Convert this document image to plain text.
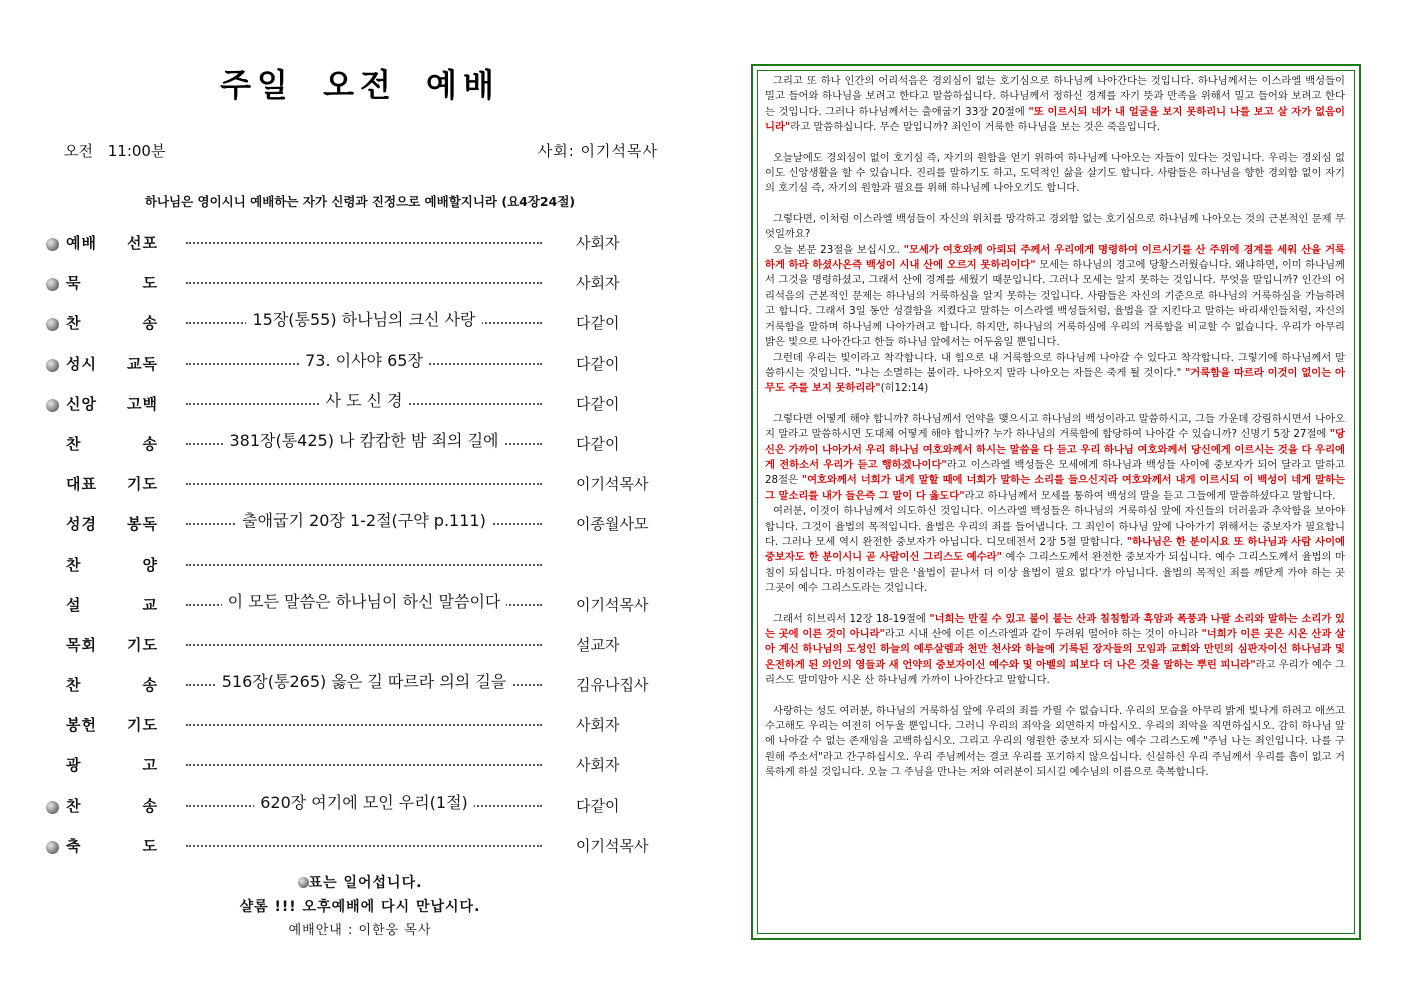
주일 오전 예배
오전 11:00분	사회: 이기석목사
하나님은 영이시니 예배하는 자가 신령과 진정으로 예배할지니라 (요4장24절)
예배 선포	사회자
묵 도	사회자
찬 송	15장(통55) 하나님의 크신 사랑	다같이
성시 교독	73. 이사야 65장	다같이
신앙 고백	사 도 신 경	다같이
찬 송	381장(통425) 나 캄캄한 밤 죄의 길에	다같이
대표 기도	이기석목사
성경 봉독	출애굽기 20장 1-2절(구약 p.111)	이종월사모
찬 양
설 교	이 모든 말씀은 하나님이 하신 말씀이다	이기석목사
목회 기도	설교자
찬 송	516장(통265) 옳은 길 따르라 의의 길을	김유나집사
봉헌 기도	사회자
광 고	사회자
찬 송	620장 여기에 모인 우리(1절)	다같이
축 도	이기석목사
표는 일어섭니다.
샬롬 !!! 오후예배에 다시 만납시다.
예배안내 : 이한웅 목사

그리고 또 하나 인간의 어리석음은 경외심이 없는 호기심으로 하나님께 나아간다는 것입니다. 하나님께서는 이스라엘 백성들이 밀고 들어와 하나님을 보려고 한다고 말씀하십니다. 하나님께서 정하신 경계를 자기 뜻과 만족을 위해서 밀고 들어와 보려고 한다는 것입니다. 그러나 하나님께서는 출애굽기 33장 20절에 "또 이르시되 네가 내 얼굴을 보지 못하리니 나를 보고 살 자가 없음이니라"라고 말씀하십니다. 무슨 말입니까? 죄인이 거룩한 하나님을 보는 것은 죽음입니다.

오늘날에도 경외심이 없이 호기심 즉, 자기의 원함을 얻기 위하여 하나님께 나아오는 자들이 있다는 것입니다. 우리는 경외심 없이도 신앙생활을 할 수 있습니다. 진리를 말하기도 하고, 도덕적인 삶을 살기도 합니다. 사람들은 하나님을 향한 경외함 없이 자기의 호기심 즉, 자기의 원함과 필요를 위해 하나님께 나아오기도 합니다.

그렇다면, 이처럼 이스라엘 백성들이 자신의 위치를 망각하고 경외함 없는 호기심으로 하나님께 나아오는 것의 근본적인 문제 무엇일까요?

오늘 본문 23절을 보십시오. "모세가 여호와께 아뢰되 주께서 우리에게 명령하여 이르시기를 산 주위에 경계를 세워 산을 거룩하게 하라 하셨사온즉 백성이 시내 산에 오르지 못하리이다" 모세는 하나님의 경고에 당황스러웠습니다. 왜냐하면, 이미 하나님께서 그것을 명령하셨고, 그래서 산에 경계를 세웠기 때문입니다. 그러나 모세는 알지 못하는 것입니다. 무엇을 말입니까? 인간의 어리석음의 근본적인 문제는 하나님의 거룩하심을 알지 못하는 것입니다. 사람들은 자신의 기준으로 하나님의 거룩하심을 가늠하려고 합니다. 그래서 3일 동안 성결함을 지켰다고 말하는 이스라엘 백성들처럼, 율법을 잘 지킨다고 말하는 바리새인들처럼, 자신의 거룩함을 말하며 하나님께 나아가려고 합니다. 하지만, 하나님의 거룩하심에 우리의 거룩함을 비교할 수 없습니다. 우리가 아무리 밝은 빛으로 나아간다고 한들 하나님 앞에서는 어두움일 뿐입니다.

그런데 우리는 빛이라고 착각합니다. 내 힘으로 내 거룩함으로 하나님께 나아갈 수 있다고 착각합니다. 그렇기에 하나님께서 말씀하시는 것입니다. "나는 소멸하는 불이라. 나아오지 말라 나아오는 자들은 죽게 될 것이다." "거룩함을 따르라 이것이 없이는 아무도 주를 보지 못하리라"(히12:14)

그렇다면 어떻게 해야 합니까? 하나님께서 언약을 맺으시고 하나님의 백성이라고 말씀하시고, 그들 가운데 강림하시면서 나아오지 말라고 말씀하시면 도대체 어떻게 해야 합니까? 누가 하나님의 거룩함에 합당하여 나아갈 수 있습니까? 신명기 5장 27절에 "당신은 가까이 나아가서 우리 하나님 여호와께서 하시는 말씀을 다 듣고 우리 하나님 여호와께서 당신에게 이르시는 것을 다 우리에게 전하소서 우리가 듣고 행하겠나이다"라고 이스라엘 백성들은 모세에게 하나님과 백성들 사이에 중보자가 되어 달라고 말하고 28절은 "여호와께서 너희가 내게 말할 때에 너희가 말하는 소리를 들으신지라 여호와께서 내게 이르시되 이 백성이 네게 말하는 그 말소리를 내가 들은즉 그 말이 다 옳도다"라고 하나님께서 모세를 통하여 백성의 말을 듣고 그들에게 말씀하셨다고 말합니다.

여러분, 이것이 하나님께서 의도하신 것입니다. 이스라엘 백성들은 하나님의 거룩하심 앞에 자신들의 더러움과 추악함을 보아야 합니다. 그것이 율법의 목적입니다. 율법은 우리의 죄를 들어냅니다. 그 죄인이 하나님 앞에 나아가기 위해서는 중보자가 필요합니다. 그러나 모세 역시 완전한 중보자가 아닙니다. 디모데전서 2장 5절 말합니다. "하나님은 한 분이시요 또 하나님과 사람 사이에 중보자도 한 분이시니 곧 사람이신 그리스도 예수라" 예수 그리스도께서 완전한 중보자가 되십니다. 예수 그리스도께서 율법의 마침이 되십니다. 마침이라는 말은 '율법이 끝나서 더 이상 율법이 필요 없다'가 아닙니다. 율법의 목적인 죄를 깨닫게 가야 하는 곳 그곳이 예수 그리스도라는 것입니다.

그래서 히브리서 12장 18-19절에 "너희는 만질 수 있고 불이 붙는 산과 침침함과 흑암과 폭풍과 나팔 소리와 말하는 소리가 있는 곳에 이른 것이 아니라"라고 시내 산에 이른 이스라엘과 같이 두려워 떨어야 하는 것이 아니라 "너희가 이른 곳은 시온 산과 살아 계신 하나님의 도성인 하늘의 예루살렘과 천만 천사와 하늘에 기록된 장자들의 모임과 교회와 만민의 심판자이신 하나님과 및 온전하게 된 의인의 영들과 새 언약의 중보자이신 예수와 및 아벨의 피보다 더 나은 것을 말하는 뿌린 피니라"라고 우리가 예수 그리스도 말미암아 시온 산 하나님께 가까이 나아간다고 말합니다.

사랑하는 성도 여러분, 하나님의 거룩하심 앞에 우리의 죄를 가릴 수 없습니다. 우리의 모습을 아무리 밝게 빛나게 하려고 애쓰고 수고해도 우리는 여전히 어두울 뿐입니다. 그러니 우리의 죄악을 외면하지 마십시오. 우리의 죄악을 직면하십시오. 감히 하나님 앞에 나아갈 수 없는 존재임을 고백하십시오. 그리고 우리의 영원한 중보자 되시는 예수 그리스도께 "주님 나는 죄인입니다. 나를 구원해 주소서"라고 간구하십시오. 우리 주님께서는 결코 우리를 포기하지 않으십니다. 신실하신 우리 주님께서 우리를 흠이 없고 거룩하게 하실 것입니다. 오늘 그 주님을 만나는 저와 여러분이 되시길 예수님의 이름으로 축복합니다.
